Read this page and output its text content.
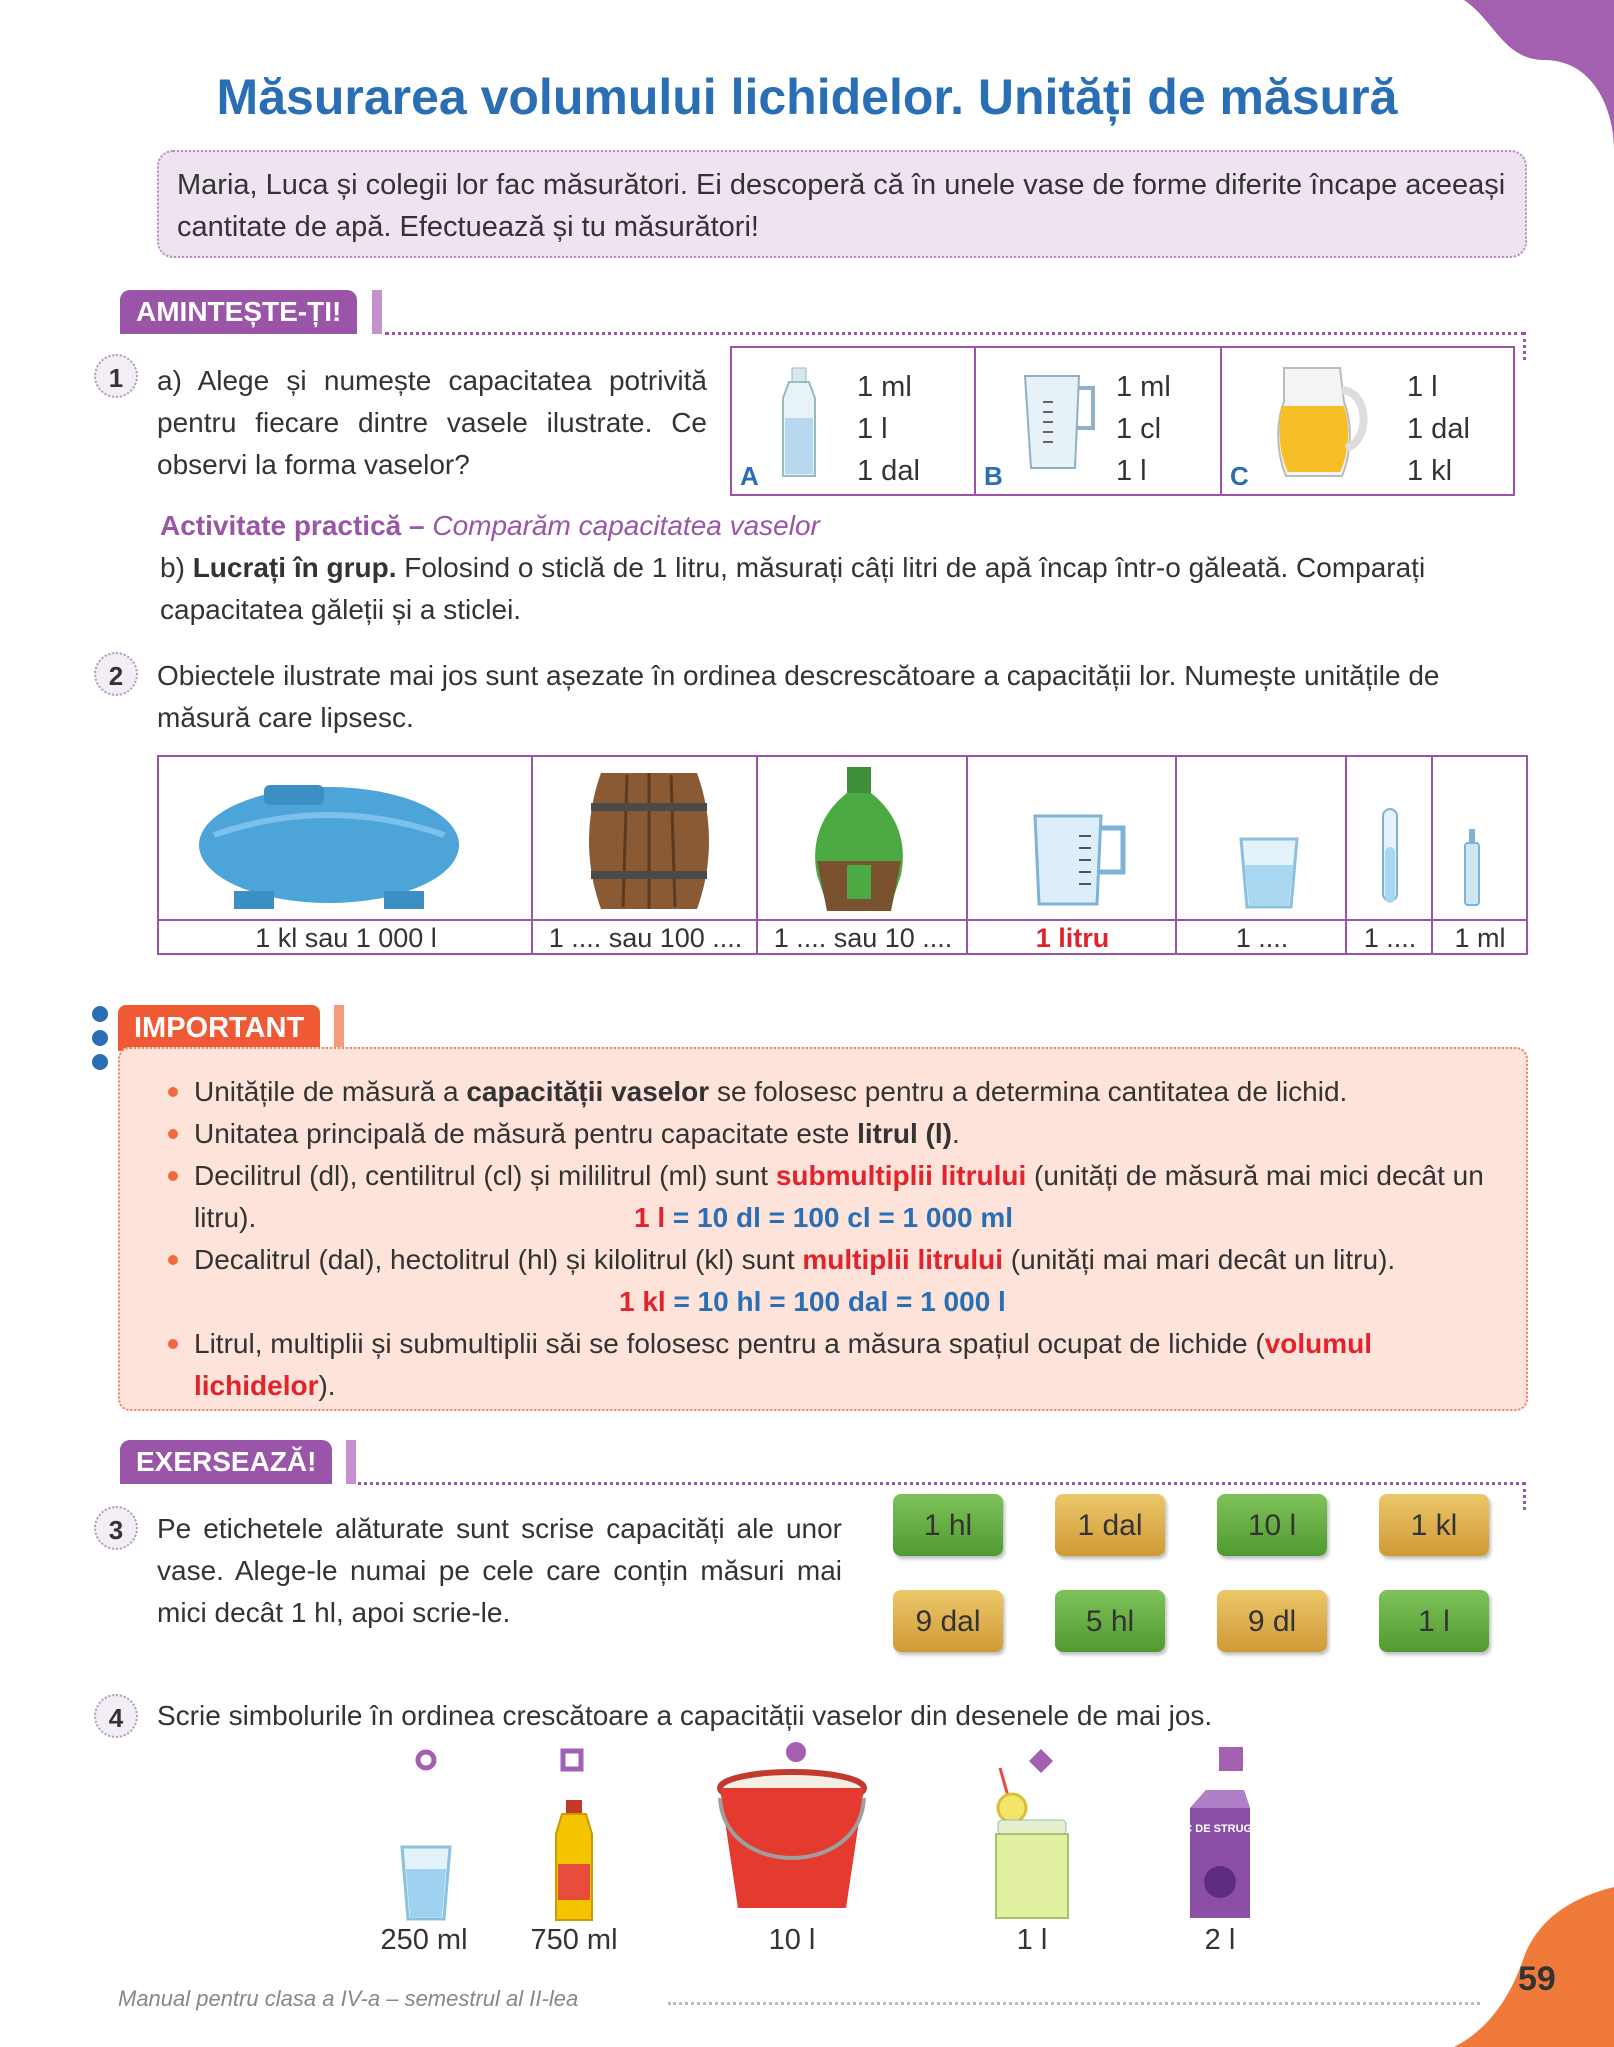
Măsurarea volumului lichidelor. Unități de măsură
Maria, Luca și colegii lor fac măsurători. Ei descoperă că în unele vase de forme diferite încape aceeași cantitate de apă. Efectuează și tu măsurători!
AMINTEȘTE-ȚI!
1	a) Alege și numește capacitatea potrivită pentru fiecare dintre vasele ilustrate. Ce observi la forma vaselor?	A
1 ml
1 l
1 dal B
1 ml
1 cl
1 l	C
1 l
1 dal
1 kl
Activitate practică – Comparăm capacitatea vaselor
b) Lucrați în grup. Folosind o sticlă de 1 litru, măsurați câți litri de apă încap într-o găleată. Comparați capacitatea găleții și a sticlei.
2	Obiectele ilustrate mai jos sunt așezate în ordinea descrescătoare a capacității lor. Numește unitățile de măsură care lipsesc.
1 kl sau 1 000 l	1 .... sau 100 ....	1 .... sau 10 ....	1 litru	1 ....	1 ....	1 ml
IMPORTANT
Unitățile de măsură a capacității vaselor se folosesc pentru a determina cantitatea de lichid.
Unitatea principală de măsură pentru capacitate este litrul (l).
Decilitrul (dl), centilitrul (cl) și mililitrul (ml) sunt submultiplii litrului (unități de măsură mai mici decât un litru).	1 l = 10 dl = 100 cl = 1 000 ml
Decalitrul (dal), hectolitrul (hl) și kilolitrul (kl) sunt multiplii litrului (unități mai mari decât un litru).
1 kl = 10 hl = 100 dal = 1 000 l
Litrul, multiplii și submultiplii săi se folosesc pentru a măsura spațiul ocupat de lichide (volumul lichidelor).
EXERSEAZĂ!
3	Pe etichetele alăturate sunt scrise capacități ale unor vase. Alege-le numai pe cele care conțin măsuri mai mici decât 1 hl, apoi scrie-le.
1 hl	1 dal	10 l	1 kl
9 dal	5 hl	9 dl	1 l
4	Scrie simbolurile în ordinea crescătoare a capacității vaselor din desenele de mai jos.
SUC DE STRUGURI
250 ml	750 ml	10 l	1 l	2 l
Manual pentru clasa a IV-a – semestrul al II-lea
59
